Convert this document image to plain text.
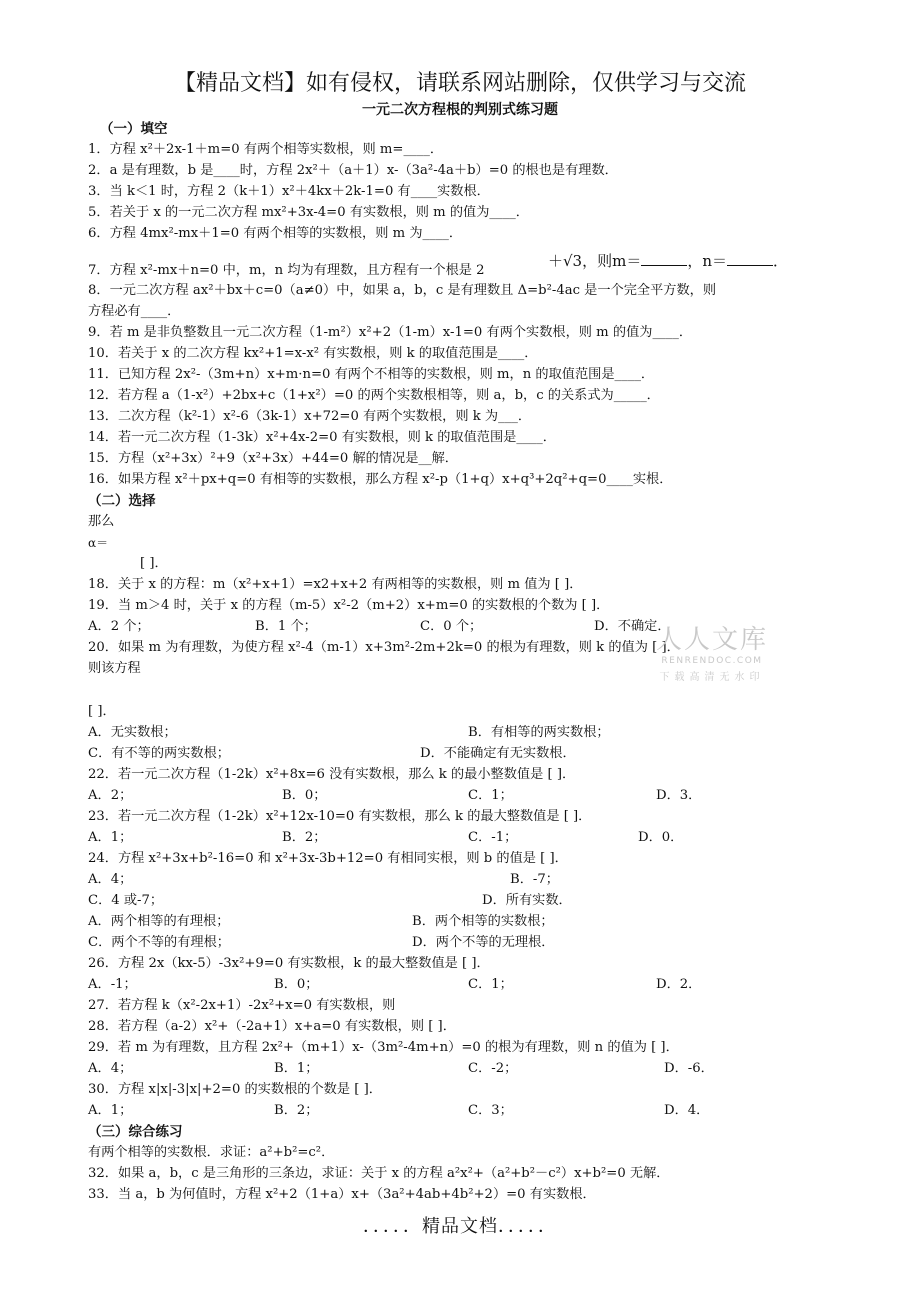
【精品文档】如有侵权，请联系网站删除，仅供学习与交流
一元二次方程根的判别式练习题
（一）填空
1．方程 x²＋2x-1＋m=0 有两个相等实数根，则 m=____．
2．a 是有理数，b 是____时，方程 2x²＋（a＋1）x-（3a²-4a＋b）=0 的根也是有理数．
3．当 k＜1 时，方程 2（k＋1）x²＋4kx＋2k-1=0 有____实数根．
5．若关于 x 的一元二次方程 mx²+3x-4=0 有实数根，则 m 的值为____．
6．方程 4mx²-mx＋1=0 有两个相等的实数根，则 m 为____．
7．方程 x²-mx＋n=0 中，m，n 均为有理数，且方程有一个根是 2
＋√3，则m＝	，n＝	．
8．一元二次方程 ax²＋bx＋c=0（a≠0）中，如果 a，b，c 是有理数且 Δ=b²-4ac 是一个完全平方数，则
方程必有____．
9．若 m 是非负整数且一元二次方程（1-m²）x²+2（1-m）x-1=0 有两个实数根，则 m 的值为____．
10．若关于 x 的二次方程 kx²+1=x-x² 有实数根，则 k 的取值范围是____．
11．已知方程 2x²-（3m+n）x+m·n=0 有两个不相等的实数根，则 m，n 的取值范围是____．
12．若方程 a（1-x²）+2bx+c（1+x²）=0 的两个实数根相等，则 a，b，c 的关系式为_____．
13．二次方程（k²-1）x²-6（3k-1）x+72=0 有两个实数根，则 k 为___．
14．若一元二次方程（1-3k）x²+4x-2=0 有实数根，则 k 的取值范围是____．
15．方程（x²+3x）²+9（x²+3x）+44=0 解的情况是__解．
16．如果方程 x²＋px+q=0 有相等的实数根，那么方程 x²-p（1+q）x+q³+2q²+q=0____实根．
（二）选择
那么
α＝
[ ]．
18．关于 x 的方程：m（x²+x+1）=x2+x+2 有两相等的实数根，则 m 值为 [ ]．
19．当 m＞4 时，关于 x 的方程（m-5）x²-2（m+2）x+m=0 的实数根的个数为 [ ]．
A．2 个；	B．1 个；	C．0 个；	D．不确定．
20．如果 m 为有理数，为使方程 x²-4（m-1）x+3m²-2m+2k=0 的根为有理数，则 k 的值为 [ ]．
则该方程
[ ]．
A．无实数根；	B．有相等的两实数根；
C．有不等的两实数根；	D．不能确定有无实数根．
22．若一元二次方程（1-2k）x²+8x=6 没有实数根，那么 k 的最小整数值是 [ ]．
A．2；	B．0；	C．1；	D．3．
23．若一元二次方程（1-2k）x²+12x-10=0 有实数根，那么 k 的最大整数值是 [ ]．
A．1；	B．2；	C．-1；	D．0．
24．方程 x²+3x+b²-16=0 和 x²+3x-3b+12=0 有相同实根，则 b 的值是 [ ]．
A．4；	B．-7；
C．4 或-7；	D．所有实数．
A．两个相等的有理根；	B．两个相等的实数根；
C．两个不等的有理根；	D．两个不等的无理根．
26．方程 2x（kx-5）-3x²+9=0 有实数根，k 的最大整数值是 [ ]．
A．-1；	B．0；	C．1；	D．2．
27．若方程 k（x²-2x+1）-2x²+x=0 有实数根，则
28．若方程（a-2）x²+（-2a+1）x+a=0 有实数根，则 [ ]．
29．若 m 为有理数，且方程 2x²+（m+1）x-（3m²-4m+n）=0 的根为有理数，则 n 的值为 [ ]．
A．4；	B．1；	C．-2；	D．-6．
30．方程 x|x|-3|x|+2=0 的实数根的个数是 [ ]．
A．1；	B．2；	C．3；	D．4．
（三）综合练习
有两个相等的实数根．求证：a²+b²=c²．
32．如果 a，b，c 是三角形的三条边，求证：关于 x 的方程 a²x²+（a²+b²－c²）x+b²=0 无解．
33．当 a，b 为何值时，方程 x²+2（1+a）x+（3a²+4ab+4b²+2）=0 有实数根．
人人文库
RENRENDOC.COM
下载高清无水印
．．．．．精品文档．．．．．
